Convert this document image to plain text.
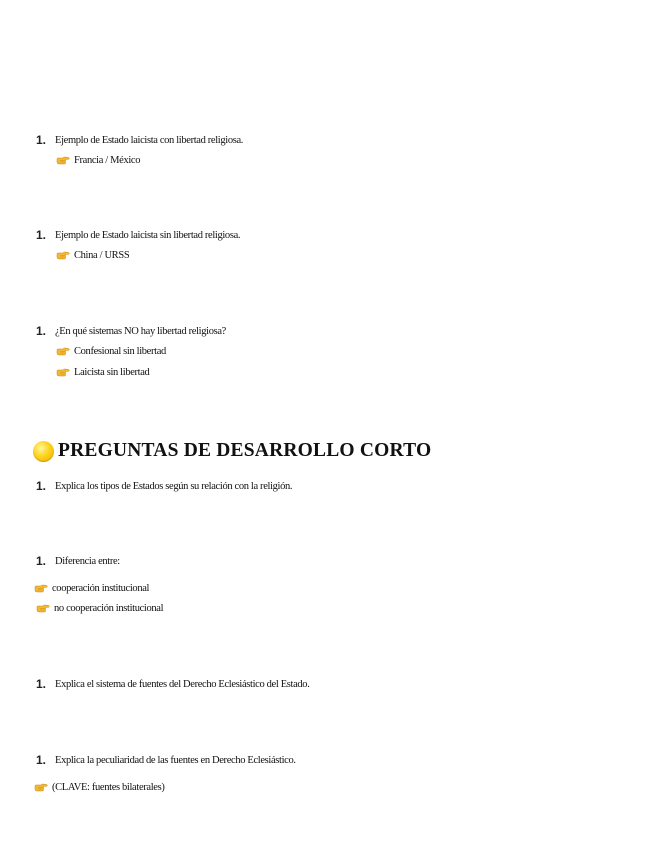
1. Ejemplo de Estado laicista con libertad religiosa.
Francia / México
1. Ejemplo de Estado laicista sin libertad religiosa.
China / URSS
1. ¿En qué sistemas NO hay libertad religiosa?
Confesional sin libertad
Laicista sin libertad
PREGUNTAS DE DESARROLLO CORTO
1. Explica los tipos de Estados según su relación con la religión.
1. Diferencia entre:
cooperación institucional
no cooperación institucional
1. Explica el sistema de fuentes del Derecho Eclesiástico del Estado.
1. Explica la peculiaridad de las fuentes en Derecho Eclesiástico.
(CLAVE: fuentes bilaterales)
